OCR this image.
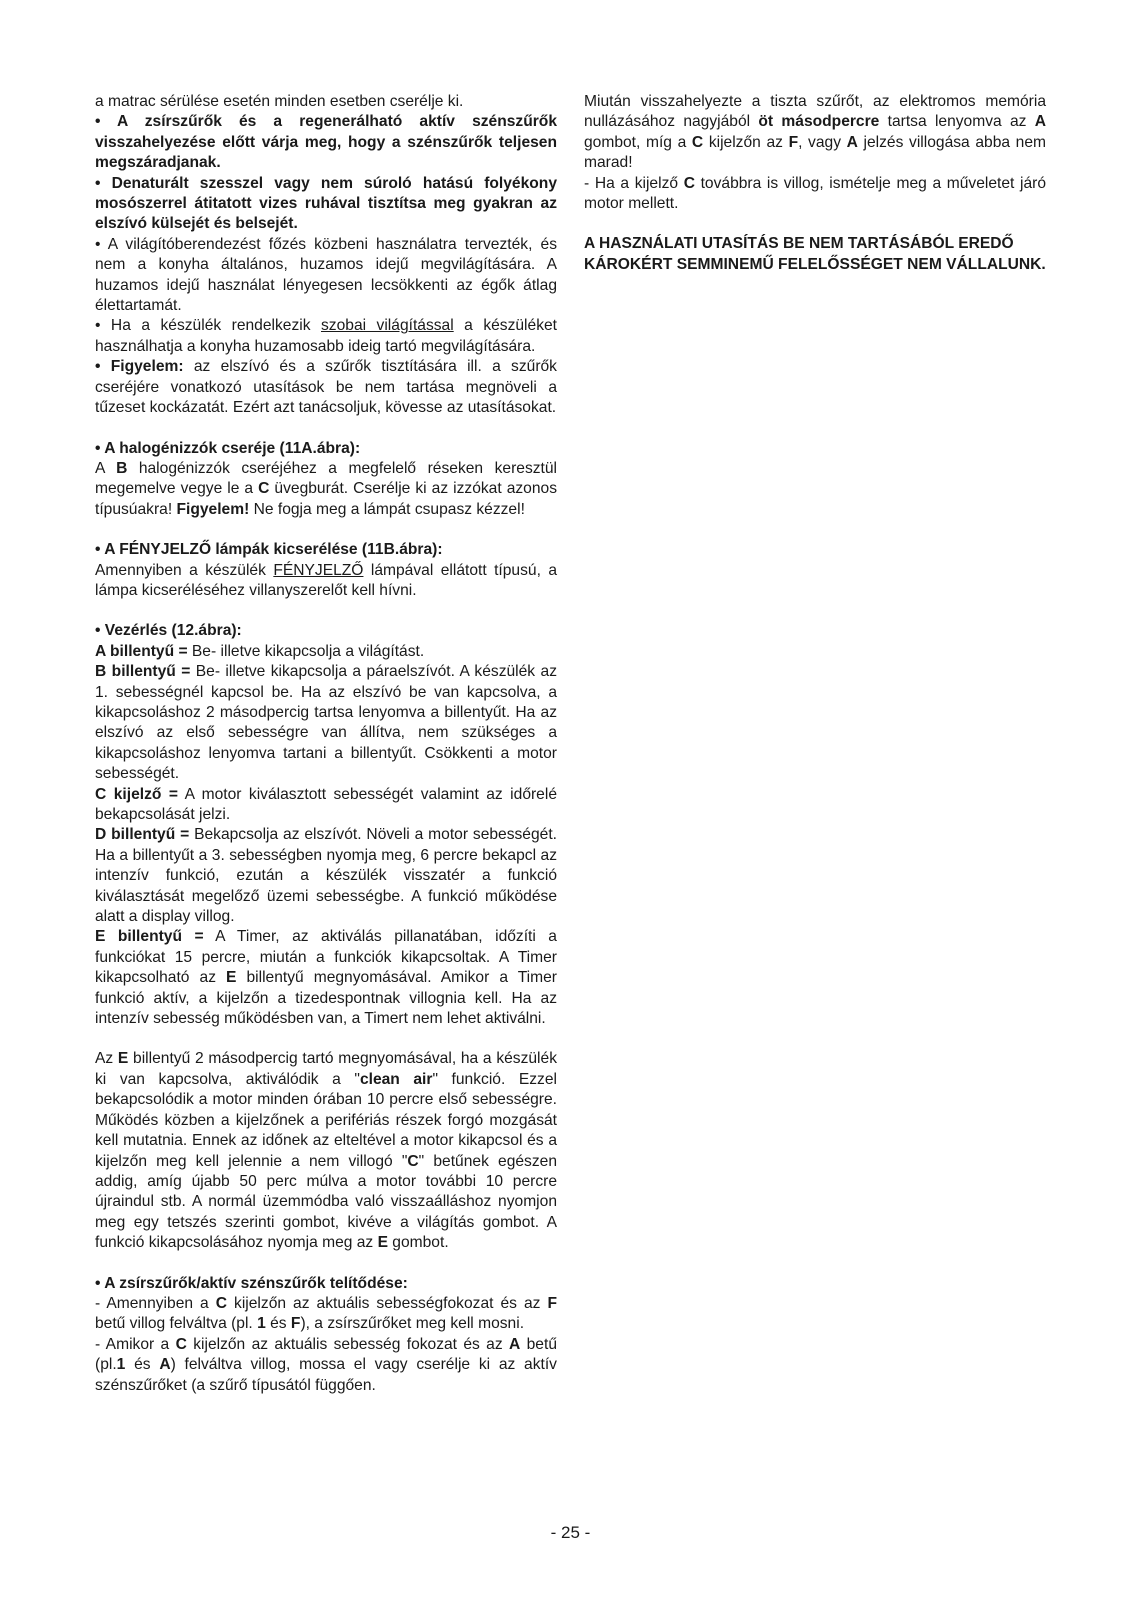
a matrac sérülése esetén minden esetben cserélje ki.

• A zsírszűrők és a regenerálható aktív szénszűrők visszahelyezése előtt várja meg, hogy a szénszűrők teljesen megszáradjanak.

• Denaturált szesszel vagy nem súroló hatású folyékony mosószerrel átitatott vizes ruhával tisztítsa meg gyakran az elszívó külsejét és belsejét.

• A világítóberendezést főzés közbeni használatra tervezték, és nem a konyha általános, huzamos idejű megvilágítására. A huzamos idejű használat lényegesen lecsökkenti az égők átlag élettartamát.

• Ha a készülék rendelkezik szobai világítással a készüléket használhatja a konyha huzamosabb ideig tartó megvilágítására.

• Figyelem: az elszívó és a szűrők tisztítására ill. a szűrők cseréjére vonatkozó utasítások be nem tartása megnöveli a tűzeset kockázatát. Ezért azt tanácsoljuk, kövesse az utasításokat.

• A halogénizzók cseréje (11A.ábra):

A B halogénizzók cseréjéhez a megfelelő réseken keresztül megemelve vegye le a C üvegburát. Cserélje ki az izzókat azonos típusúakra! Figyelem! Ne fogja meg a lámpát csupasz kézzel!

• A FÉNYJELZŐ lámpák kicserélése (11B.ábra):

Amennyiben a készülék FÉNYJELZŐ lámpával ellátott típusú, a lámpa kicseréléséhez villanyszerelőt kell hívni.

• Vezérlés (12.ábra):

A billentyű = Be- illetve kikapcsolja a világítást.

B billentyű = Be- illetve kikapcsolja a páraelszívót. A készülék az 1. sebességnél kapcsol be. Ha az elszívó be van kapcsolva, a kikapcsoláshoz 2 másodpercig tartsa lenyomva a billentyűt. Ha az elszívó az első sebességre van állítva, nem szükséges a kikapcsoláshoz lenyomva tartani a billentyűt. Csökkenti a motor sebességét.

C kijelző = A motor kiválasztott sebességét valamint az időrelé bekapcsolását jelzi.

D billentyű = Bekapcsolja az elszívót. Növeli a motor sebességét. Ha a billentyűt a 3. sebességben nyomja meg, 6 percre bekapcl az intenzív funkció, ezután a készülék visszatér a funkció kiválasztását megelőző üzemi sebességbe. A funkció működése alatt a display villog.

E billentyű = A Timer, az aktiválás pillanatában, időzíti a funkciókat 15 percre, miután a funkciók kikapcsoltak. A Timer kikapcsolható az E billentyű megnyomásával. Amikor a Timer funkció aktív, a kijelzőn a tizedespontnak villognia kell. Ha az intenzív sebesség működésben van, a Timert nem lehet aktiválni.

Az E billentyű 2 másodpercig tartó megnyomásával, ha a készülék ki van kapcsolva, aktiválódik a "clean air" funkció. Ezzel bekapcsolódik a motor minden órában 10 percre első sebességre. Működés közben a kijelzőnek a perifériás részek forgó mozgását kell mutatnia. Ennek az időnek az elteltével a motor kikapcsol és a kijelzőn meg kell jelennie a nem villogó "C" betűnek egészen addig, amíg újabb 50 perc múlva a motor további 10 percre újraindul stb. A normál üzemmódba való visszaálláshoz nyomjon meg egy tetszés szerinti gombot, kivéve a világítás gombot. A funkció kikapcsolásához nyomja meg az E gombot.

• A zsírszűrők/aktív szénszűrők telítődése:

- Amennyiben a C kijelzőn az aktuális sebességfokozat és az F betű villog felváltva (pl. 1 és F), a zsírszűrőket meg kell mosni.

- Amikor a C kijelzőn az aktuális sebesség fokozat és az A betű (pl.1 és A) felváltva villog, mossa el vagy cserélje ki az aktív szénszűrőket (a szűrő típusától függően.

Miután visszahelyezte a tiszta szűrőt, az elektromos memória nullázásához nagyjából öt másodpercre tartsa lenyomva az A gombot, míg a C kijelzőn az F, vagy A jelzés villogása abba nem marad!

- Ha a kijelző C továbbra is villog, ismételje meg a műveletet járó motor mellett.

A HASZNÁLATI UTASÍTÁS BE NEM TARTÁSÁBÓL EREDŐ KÁROKÉRT SEMMINEMŰ FELELŐSSÉGET NEM VÁLLALUNK.

- 25 -
